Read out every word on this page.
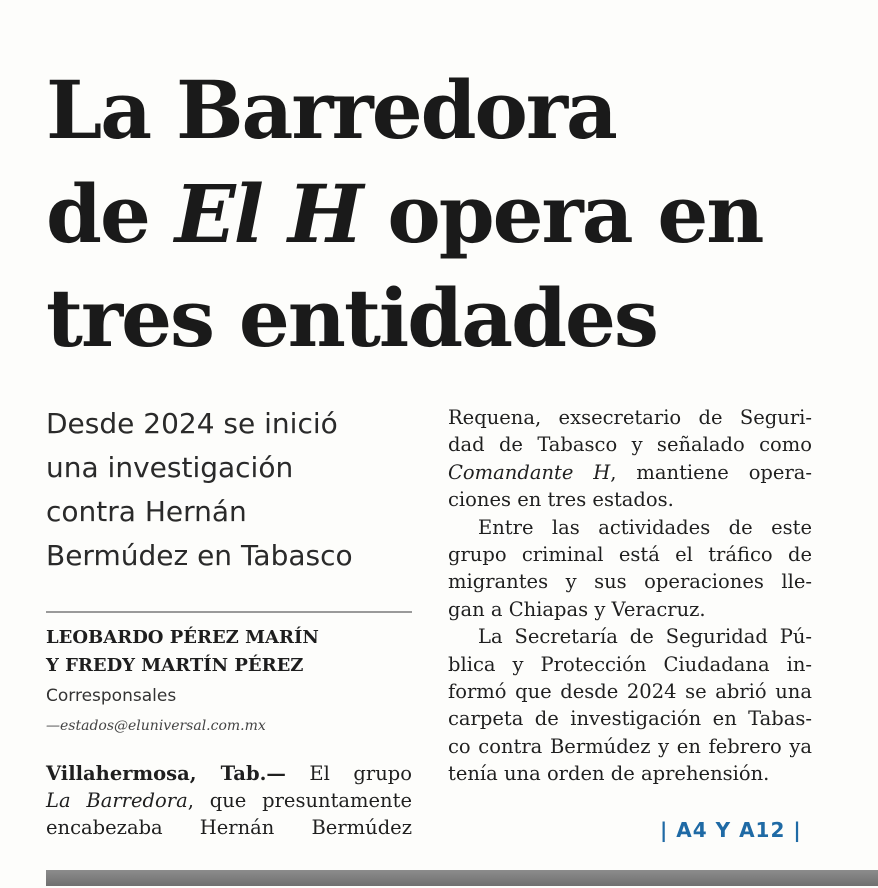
La Barredora
de El H opera en
tres entidades
Desde 2024 se inició
una investigación
contra Hernán
Bermúdez en Tabasco
LEOBARDO PÉREZ MARÍN
Y FREDY MARTÍN PÉREZ
Corresponsales
—estados@eluniversal.com.mx

Villahermosa, Tab.— El grupo
La Barredora, que presuntamente
encabezaba Hernán Bermúdez

Requena, exsecretario de Seguri-
dad de Tabasco y señalado como
Comandante H, mantiene opera-
ciones en tres estados.
Entre las actividades de este
grupo criminal está el tráfico de
migrantes y sus operaciones lle-
gan a Chiapas y Veracruz.
La Secretaría de Seguridad Pú-
blica y Protección Ciudadana in-
formó que desde 2024 se abrió una
carpeta de investigación en Tabas-
co contra Bermúdez y en febrero ya
tenía una orden de aprehensión.

| A4 Y A12 |
